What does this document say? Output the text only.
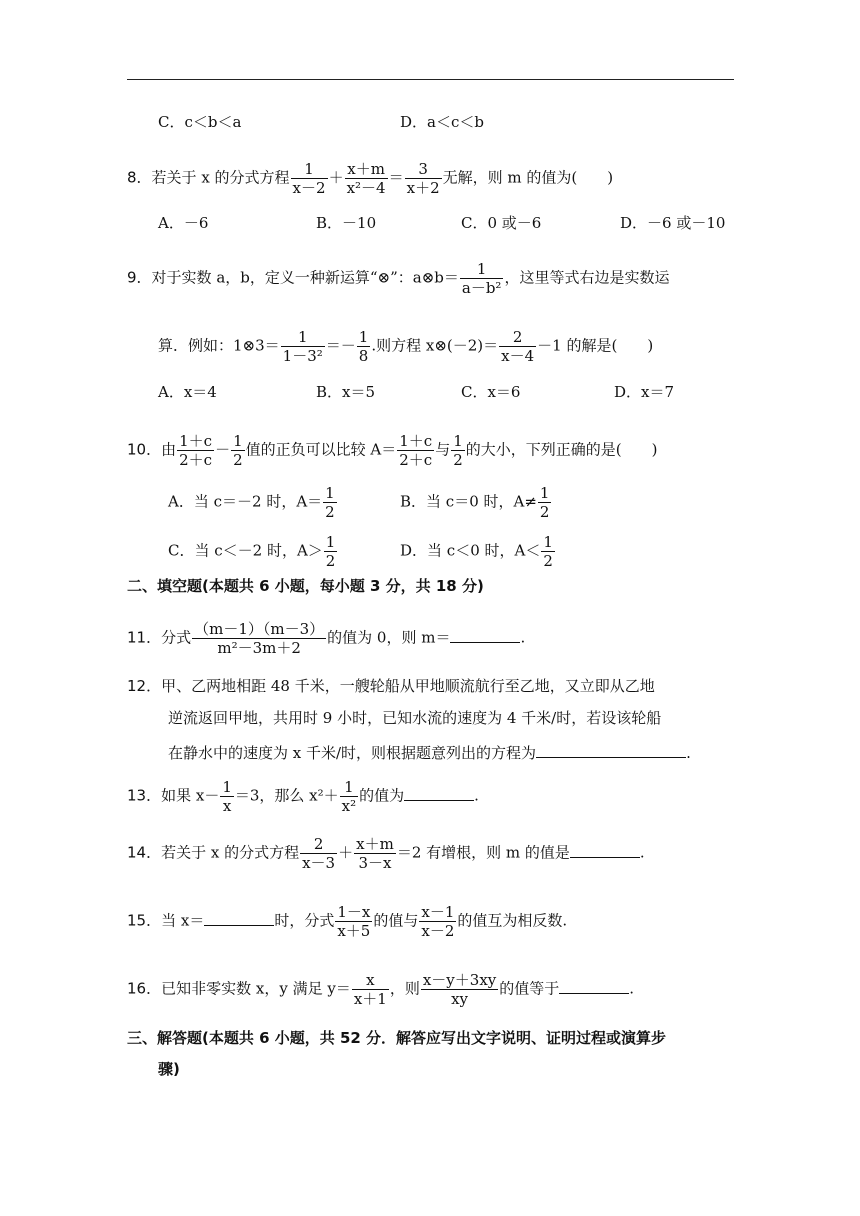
C．c＜b＜a	D．a＜c＜b
8．若关于 x 的分式方程 $\frac{1}{x-2} + \frac{x+m}{\text{x²－4}} = \frac{3}{x+2}$ 无解，则 m 的值为(　　)
A．－6	B．－10	C．0 或－6	D．－6 或－10
9．对于实数 a，b，定义一种新运算“⊗”：a⊗b＝ $\frac{1}{\text{a－b²}}$ ，这里等式右边是实数运
算．例如：1⊗3＝ $\frac{1}{\text{1－3²}} =- \frac{1}{8}$ .则方程 x⊗(－2)＝ $\frac{2}{x-4} -1$ 的解是(　　)
A．x＝4	B．x＝5	C．x＝6	D．x＝7
10．由 $\frac{1+c}{2+c} - \frac{1}{2}$ 值的正负可以比较 $A= \frac{1+c}{2+c}$ 与 $\frac{1}{2}$ 的大小，下列正确的是(　　)
A．当 c＝－2 时，$A= \frac{1}{2}$	B．当 c＝0 时，$A\ne \frac{1}{2}$
C．当 c＜－2 时，$A> \frac{1}{2}$	D．当 c＜0 时，$A< \frac{1}{2}$
二、填空题(本题共 6 小题，每小题 3 分，共 18 分)
11．分式 $\frac{(m-1)(m-3)}{\text{m²－3m＋2}}$ 的值为 0，则 m＝	.
12．甲、乙两地相距 48 千米，一艘轮船从甲地顺流航行至乙地，又立即从乙地
逆流返回甲地，共用时 9 小时，已知水流的速度为 4 千米/时，若设该轮船
在静水中的速度为 x 千米/时，则根据题意列出的方程为	.
13．如果 $x- \frac{1}{x} =3$，那么 $x^2+ \frac{1}{\text{x²}}$ 的值为	.
14．若关于 x 的分式方程 $\frac{2}{x-3} + \frac{x+m}{3-x} =2$ 有增根，则 m 的值是	.
15．当 x＝	时，分式 $\frac{1-x}{x+5}$ 的值与 $\frac{x-1}{x-2}$ 的值互为相反数.
16．已知非零实数 x，y 满足 $y= \frac{x}{x+1}$ ，则 $\frac{x-y+3xy}{xy}$ 的值等于	.
三、解答题(本题共 6 小题，共 52 分．解答应写出文字说明、证明过程或演算步
骤)
